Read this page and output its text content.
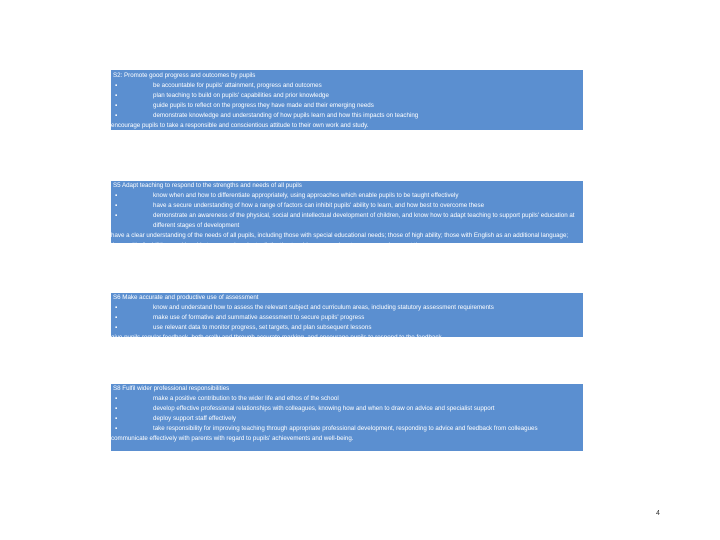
S2: Promote good progress and outcomes by pupils
▪	be accountable for pupils' attainment, progress and outcomes
▪	plan teaching to build on pupils' capabilities and prior knowledge
▪	guide pupils to reflect on the progress they have made and their emerging needs
▪	demonstrate knowledge and understanding of how pupils learn and how this impacts on teaching
encourage pupils to take a responsible and conscientious attitude to their own work and study.
S5 Adapt teaching to respond to the strengths and needs of all pupils
▪	know when and how to differentiate appropriately, using approaches which enable pupils to be taught effectively
▪	have a secure understanding of how a range of factors can inhibit pupils' ability to learn, and how best to overcome these
▪	demonstrate an awareness of the physical, social and intellectual development of children, and know how to adapt teaching to support pupils' education at different stages of development
have a clear understanding of the needs of all pupils, including those with special educational needs; those of high ability; those with English as an additional language; those with disabilities; and be able to use and evaluate distinctive teaching approaches to engage and support them.
S6 Make accurate and productive use of assessment
▪	know and understand how to assess the relevant subject and curriculum areas, including statutory assessment requirements
▪	make use of formative and summative assessment to secure pupils' progress
▪	use relevant data to monitor progress, set targets, and plan subsequent lessons
give pupils regular feedback, both orally and through accurate marking, and encourage pupils to respond to the feedback.
S8 Fulfil wider professional responsibilities
▪	make a positive contribution to the wider life and ethos of the school
▪	develop effective professional relationships with colleagues, knowing how and when to draw on advice and specialist support
▪	deploy support staff effectively
▪	take responsibility for improving teaching through appropriate professional development, responding to advice and feedback from colleagues
communicate effectively with parents with regard to pupils' achievements and well-being.
4
